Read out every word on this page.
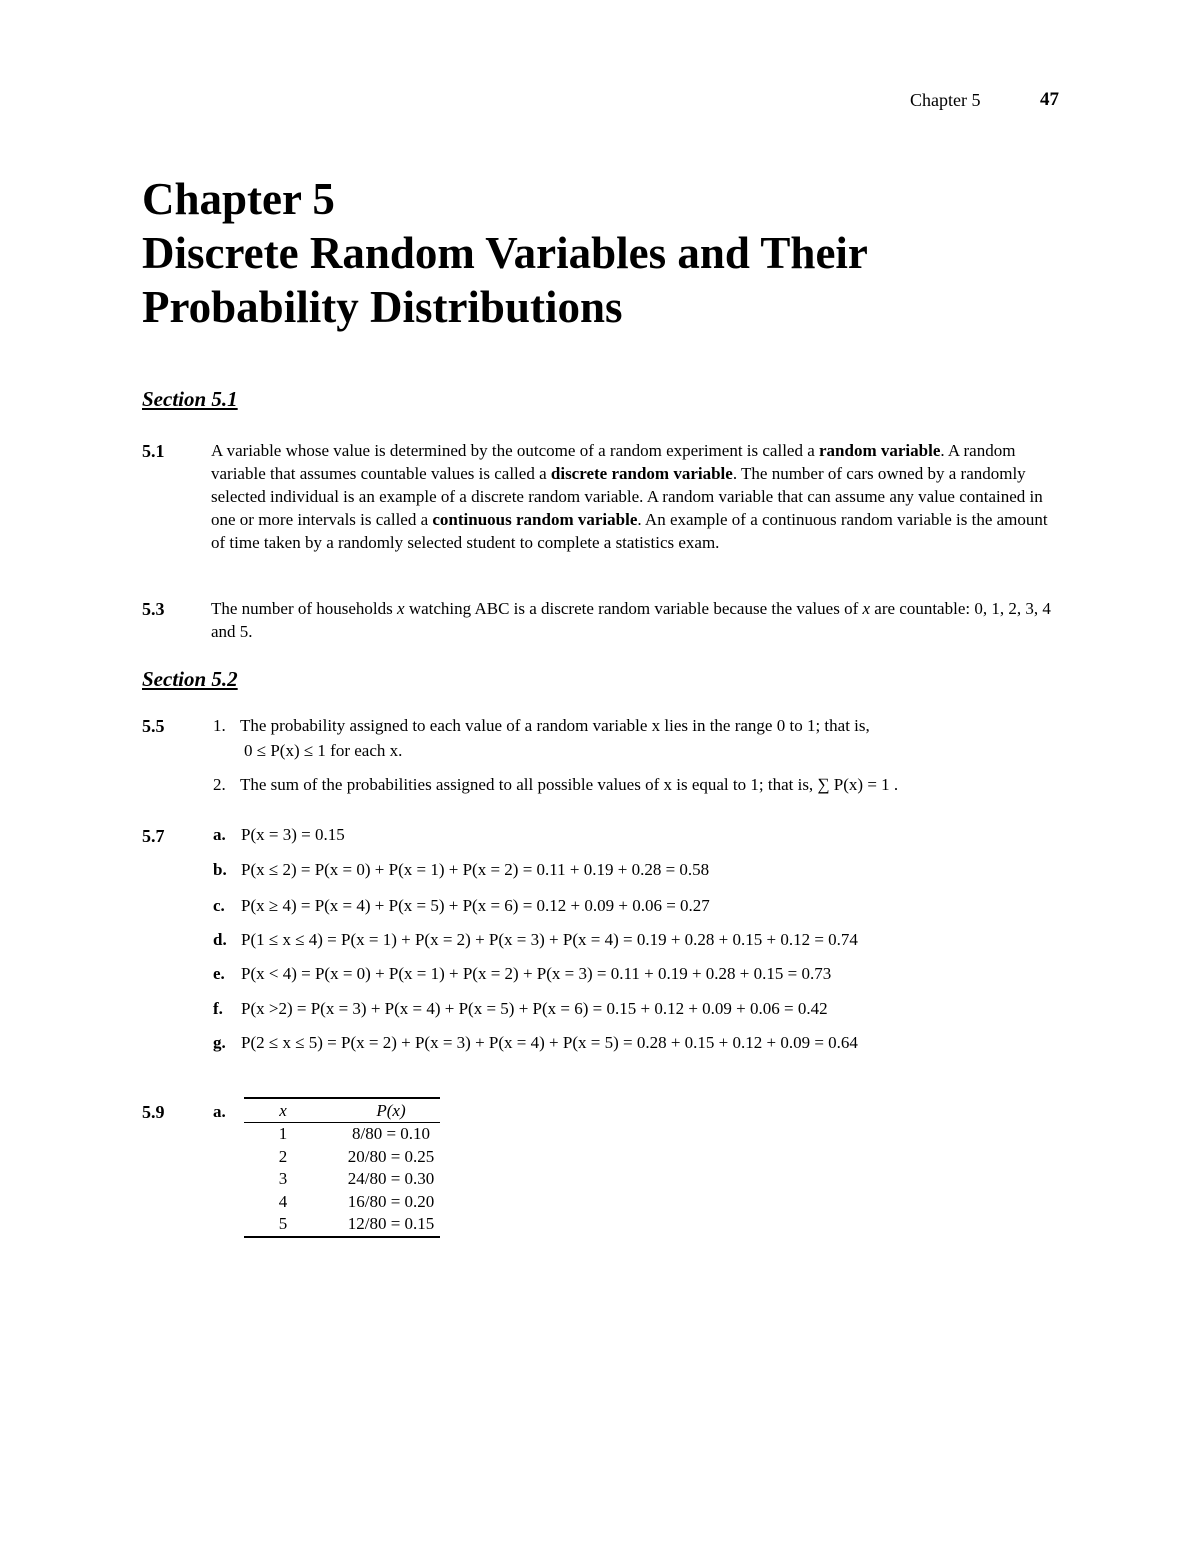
Chapter 5	47
Chapter 5
Discrete Random Variables and Their
Probability Distributions
Section 5.1
5.1	A variable whose value is determined by the outcome of a random experiment is called a random variable. A random variable that assumes countable values is called a discrete random variable. The number of cars owned by a randomly selected individual is an example of a discrete random variable. A random variable that can assume any value contained in one or more intervals is called a continuous random variable. An example of a continuous random variable is the amount of time taken by a randomly selected student to complete a statistics exam.
5.3	The number of households x watching ABC is a discrete random variable because the values of x are countable: 0, 1, 2, 3, 4 and 5.
Section 5.2
5.5	1. The probability assigned to each value of a random variable x lies in the range 0 to 1; that is,
0 ≤ P(x) ≤ 1 for each x.
2. The sum of the probabilities assigned to all possible values of x is equal to 1; that is, ∑ P(x) = 1 .
5.7	a. P(x = 3) = 0.15
b. P(x ≤ 2) = P(x = 0) + P(x = 1) + P(x = 2) = 0.11 + 0.19 + 0.28 = 0.58
c. P(x ≥ 4) = P(x = 4) + P(x = 5) + P(x = 6) = 0.12 + 0.09 + 0.06 = 0.27
d. P(1 ≤ x ≤ 4) = P(x = 1) + P(x = 2) + P(x = 3) + P(x = 4) = 0.19 + 0.28 + 0.15 + 0.12 = 0.74
e. P(x < 4) = P(x = 0) + P(x = 1) + P(x = 2) + P(x = 3) = 0.11 + 0.19 + 0.28 + 0.15 = 0.73
f. P(x >2) = P(x = 3) + P(x = 4) + P(x = 5) + P(x = 6) = 0.15 + 0.12 + 0.09 + 0.06 = 0.42
g. P(2 ≤ x ≤ 5) = P(x = 2) + P(x = 3) + P(x = 4) + P(x = 5) = 0.28 + 0.15 + 0.12 + 0.09 = 0.64
5.9	a.	x	P(x)
1	8/80 = 0.10
2	20/80 = 0.25
3	24/80 = 0.30
4	16/80 = 0.20
5	12/80 = 0.15
